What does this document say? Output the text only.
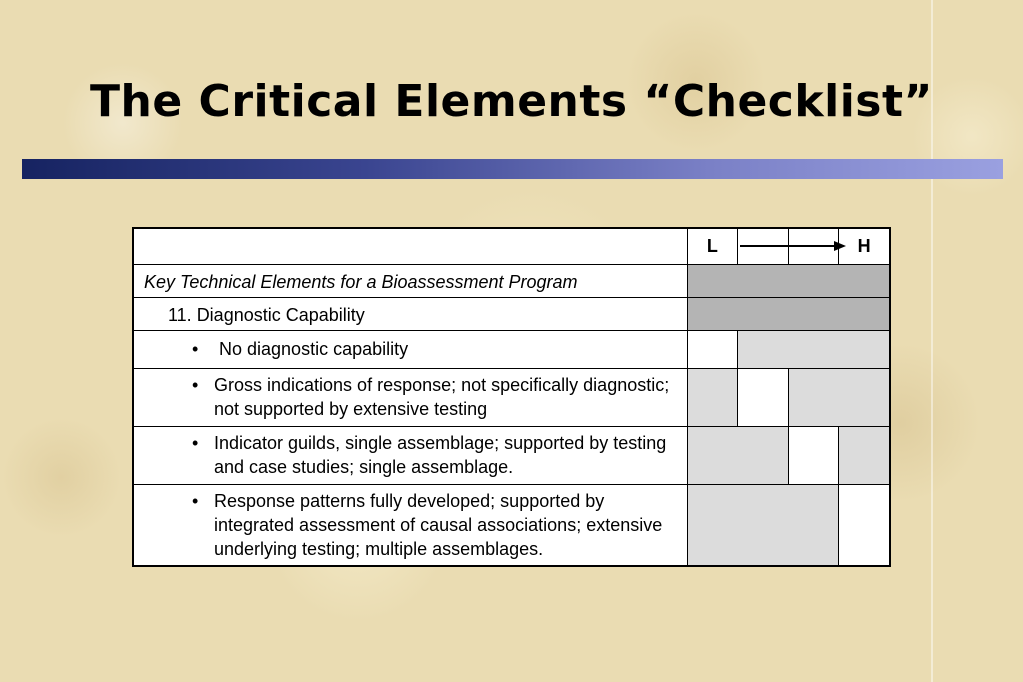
The Critical Elements “Checklist”
	L			H

Key Technical Elements for a Bioassessment Program				

11. Diagnostic Capability				

• No diagnostic capability				

• Gross indications of response; not specifically diagnostic; not supported by extensive testing				

• Indicator guilds, single assemblage; supported by testing and case studies; single assemblage.				

• Response patterns fully developed; supported by integrated assessment of causal associations; extensive underlying testing; multiple assemblages.				
